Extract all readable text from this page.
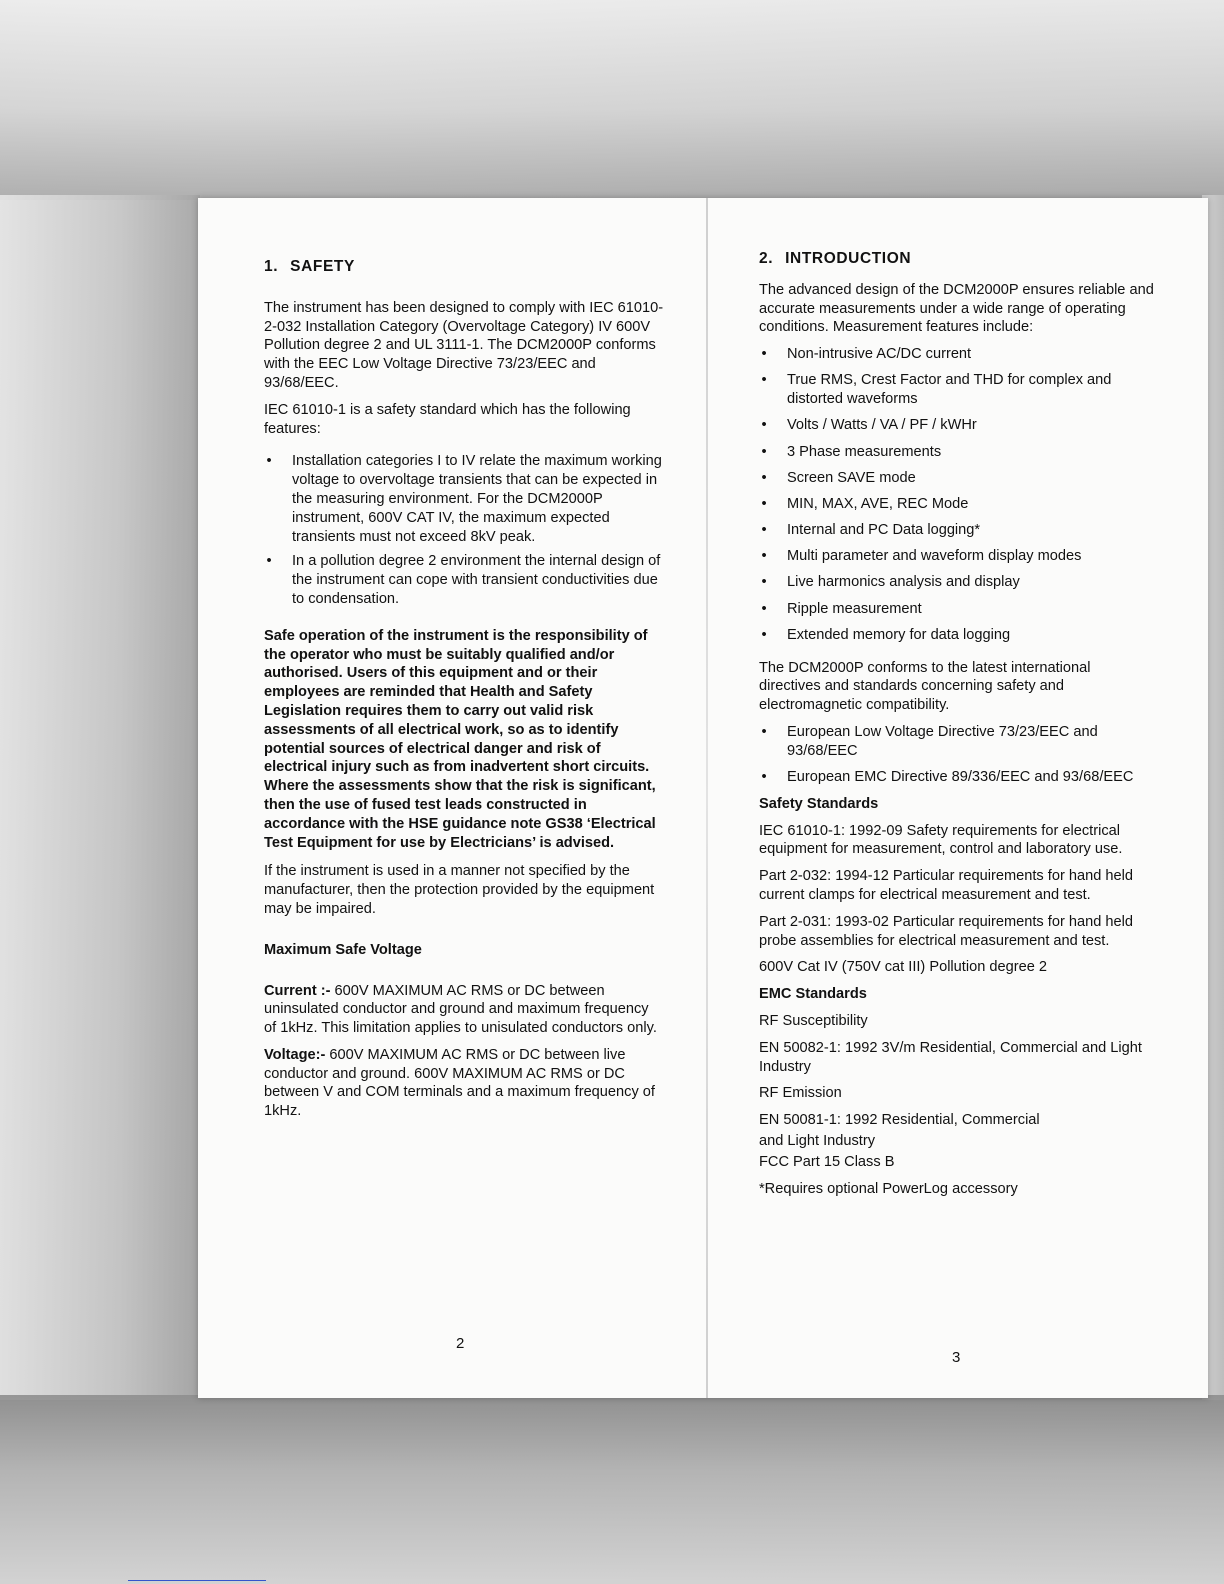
1. SAFETY

The instrument has been designed to comply with IEC 61010-2-032 Installation Category (Overvoltage Category) IV 600V Pollution degree 2 and UL 3111-1. The DCM2000P conforms with the EEC Low Voltage Directive 73/23/EEC and 93/68/EEC.

IEC 61010-1 is a safety standard which has the following features:

• Installation categories I to IV relate the maximum working voltage to overvoltage transients that can be expected in the measuring environment. For the DCM2000P instrument, 600V CAT IV, the maximum expected transients must not exceed 8kV peak.
• In a pollution degree 2 environment the internal design of the instrument can cope with transient conductivities due to condensation.

Safe operation of the instrument is the responsibility of the operator who must be suitably qualified and/or authorised. Users of this equipment and or their employees are reminded that Health and Safety Legislation requires them to carry out valid risk assessments of all electrical work, so as to identify potential sources of electrical danger and risk of electrical injury such as from inadvertent short circuits. Where the assessments show that the risk is significant, then the use of fused test leads constructed in accordance with the HSE guidance note GS38 ‘Electrical Test Equipment for use by Electricians’ is advised.

If the instrument is used in a manner not specified by the manufacturer, then the protection provided by the equipment may be impaired.

Maximum Safe Voltage

Current :- 600V MAXIMUM AC RMS or DC between uninsulated conductor and ground and maximum frequency of 1kHz. This limitation applies to unisulated conductors only.

Voltage:- 600V MAXIMUM AC RMS or DC between live conductor and ground. 600V MAXIMUM AC RMS or DC between V and COM terminals and a maximum frequency of 1kHz.

2
2. INTRODUCTION

The advanced design of the DCM2000P ensures reliable and accurate measurements under a wide range of operating conditions. Measurement features include:

• Non-intrusive AC/DC current
• True RMS, Crest Factor and THD for complex and distorted waveforms
• Volts / Watts / VA / PF / kWHr
• 3 Phase measurements
• Screen SAVE mode
• MIN, MAX, AVE, REC Mode
• Internal and PC Data logging*
• Multi parameter and waveform display modes
• Live harmonics analysis and display
• Ripple measurement
• Extended memory for data logging

The DCM2000P conforms to the latest international directives and standards concerning safety and electromagnetic compatibility.

• European Low Voltage Directive 73/23/EEC and 93/68/EEC
• European EMC Directive 89/336/EEC and 93/68/EEC

Safety Standards

IEC 61010-1: 1992-09 Safety requirements for electrical equipment for measurement, control and laboratory use.

Part 2-032: 1994-12 Particular requirements for hand held current clamps for electrical measurement and test.

Part 2-031: 1993-02 Particular requirements for hand held probe assemblies for electrical measurement and test.

600V Cat IV (750V cat III) Pollution degree 2

EMC Standards

RF Susceptibility

EN 50082-1: 1992 3V/m Residential, Commercial and Light Industry

RF Emission

EN 50081-1: 1992 Residential, Commercial

and Light Industry

FCC Part 15 Class B

*Requires optional PowerLog accessory

3
